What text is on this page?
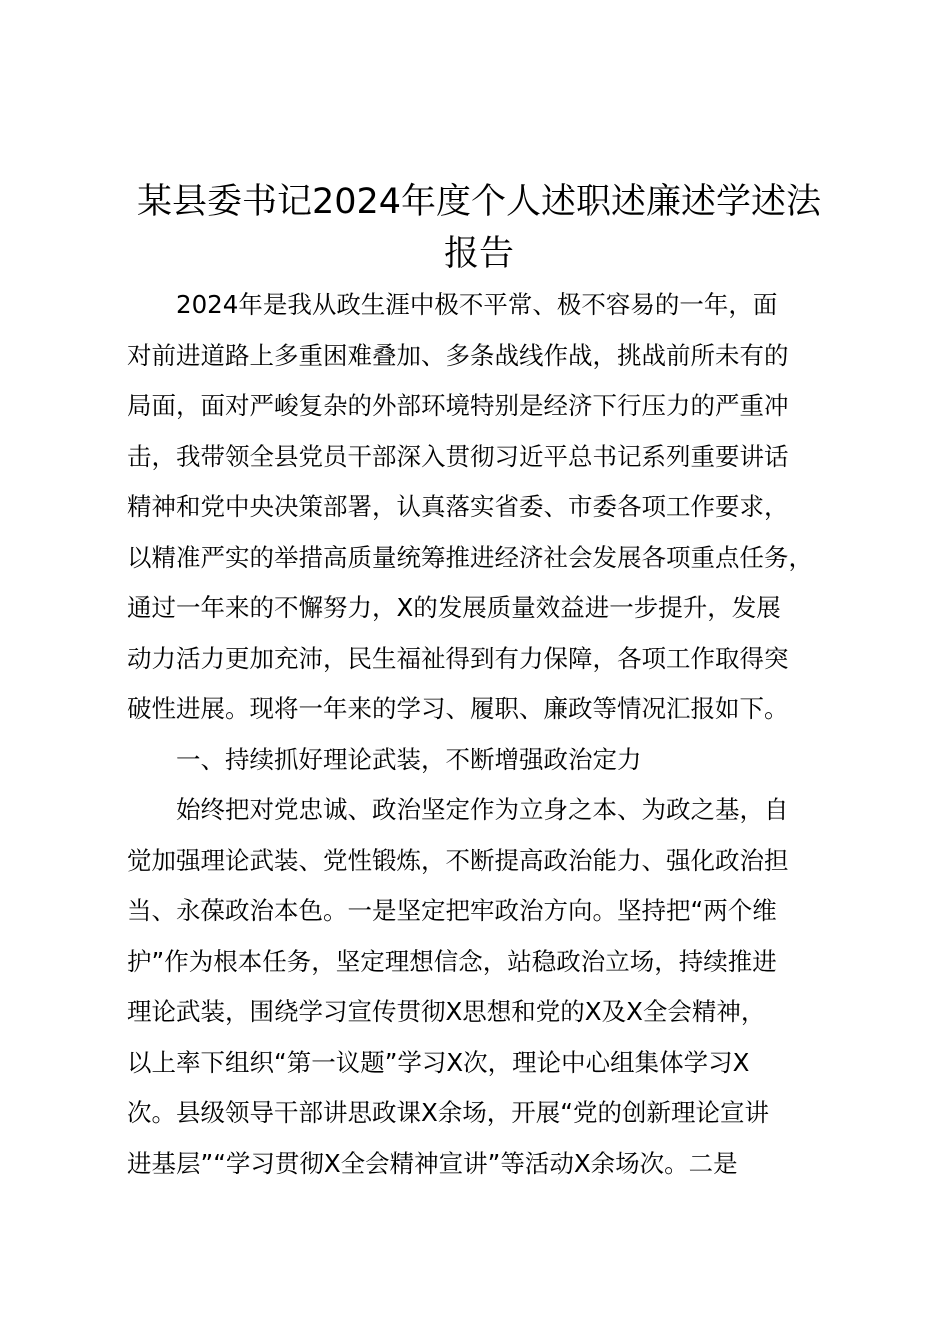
某县委书记2024年度个人述职述廉述学述法
报告
2024年是我从政生涯中极不平常、极不容易的一年，面
对前进道路上多重困难叠加、多条战线作战，挑战前所未有的
局面，面对严峻复杂的外部环境特别是经济下行压力的严重冲
击，我带领全县党员干部深入贯彻习近平总书记系列重要讲话
精神和党中央决策部署，认真落实省委、市委各项工作要求，
以精准严实的举措高质量统筹推进经济社会发展各项重点任务，
通过一年来的不懈努力，X的发展质量效益进一步提升，发展
动力活力更加充沛，民生福祉得到有力保障，各项工作取得突
破性进展。现将一年来的学习、履职、廉政等情况汇报如下。
一、持续抓好理论武装，不断增强政治定力
始终把对党忠诚、政治坚定作为立身之本、为政之基，自
觉加强理论武装、党性锻炼，不断提高政治能力、强化政治担
当、永葆政治本色。一是坚定把牢政治方向。坚持把“两个维
护”作为根本任务，坚定理想信念，站稳政治立场，持续推进
理论武装，围绕学习宣传贯彻X思想和党的X及X全会精神，
以上率下组织“第一议题”学习X次，理论中心组集体学习X
次。县级领导干部讲思政课X余场，开展“党的创新理论宣讲
进基层”“学习贯彻X全会精神宣讲”等活动X余场次。二是
